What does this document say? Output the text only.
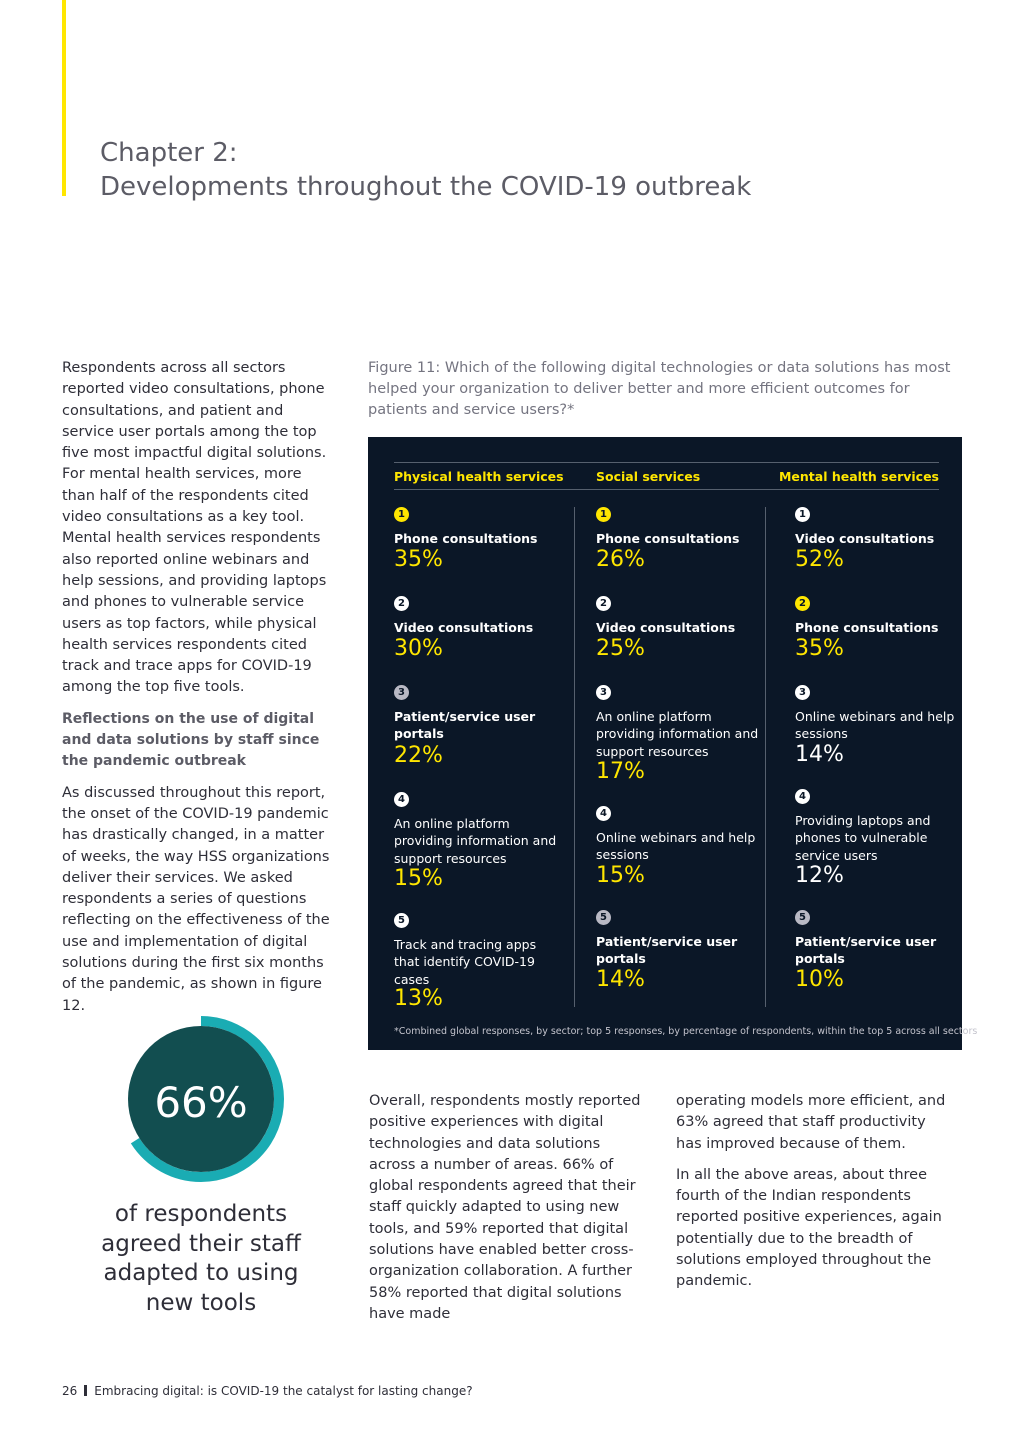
Chapter 2:
Developments throughout the COVID-19 outbreak

Respondents across all sectors reported video consultations, phone consultations, and patient and service user portals among the top five most impactful digital solutions. For mental health services, more than half of the respondents cited video consultations as a key tool. Mental health services respondents also reported online webinars and help sessions, and providing laptops and phones to vulnerable service users as top factors, while physical health services respondents cited track and trace apps for COVID-19 among the top five tools.

Reflections on the use of digital and data solutions by staff since the pandemic outbreak

As discussed throughout this report, the onset of the COVID-19 pandemic has drastically changed, in a matter of weeks, the way HSS organizations deliver their services. We asked respondents a series of questions reflecting on the effectiveness of the use and implementation of digital solutions during the first six months of the pandemic, as shown in figure 12.

Figure 11: Which of the following digital technologies or data solutions has most helped your organization to deliver better and more efficient outcomes for patients and service users?*

Physical health services	Social services	Mental health services
1
Phone consultations
35%
2
Video consultations
30%
3
Patient/service user portals
22%
4
An online platform providing information and support resources
15%
5
Track and tracing apps that identify COVID-19 cases
13%
1
Phone consultations
26%
2
Video consultations
25%
3
An online platform providing information and support resources
17%
4
Online webinars and help sessions
15%
5
Patient/service user portals
14%
1
Video consultations
52%
2
Phone consultations
35%
3
Online webinars and help sessions
14%
4
Providing laptops and phones to vulnerable service users
12%
5
Patient/service user portals
10%
*Combined global responses, by sector; top 5 responses, by percentage of respondents, within the top 5 across all sectors
66%

of respondents agreed their staff adapted to using new tools

Overall, respondents mostly reported positive experiences with digital technologies and data solutions across a number of areas. 66% of global respondents agreed that their staff quickly adapted to using new tools, and 59% reported that digital solutions have enabled better cross-organization collaboration. A further 58% reported that digital solutions have made

operating models more efficient, and 63% agreed that staff productivity has improved because of them.

In all the above areas, about three fourth of the Indian respondents reported positive experiences, again potentially due to the breadth of solutions employed throughout the pandemic.

26 Embracing digital: is COVID-19 the catalyst for lasting change?
